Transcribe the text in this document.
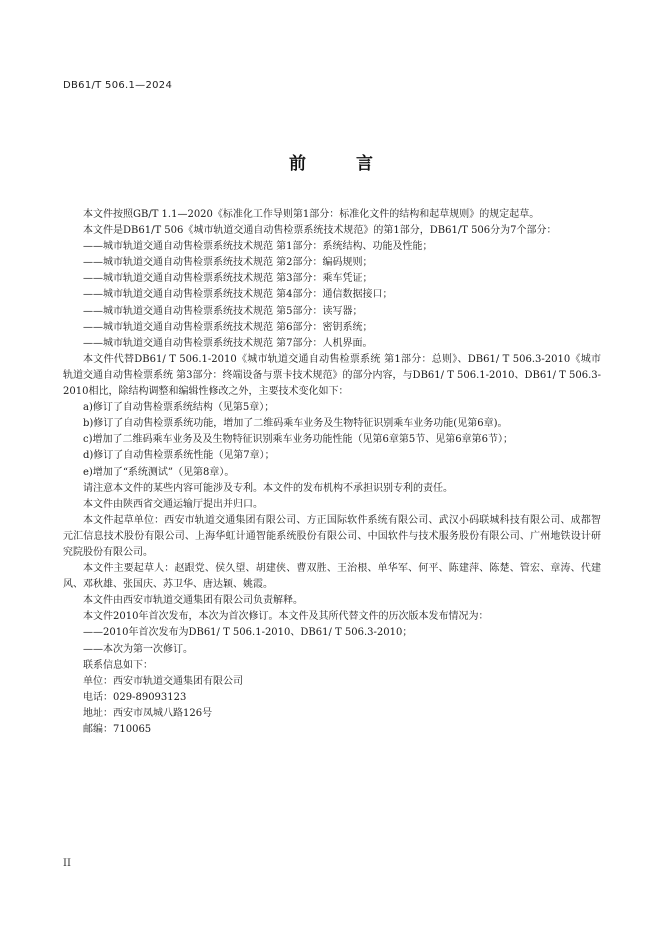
DB61/T 506.1—2024
前 言

本文件按照GB/T 1.1—2020《标准化工作导则第1部分：标准化文件的结构和起草规则》的规定起草。

本文件是DB61/T 506《城市轨道交通自动售检票系统技术规范》的第1部分，DB61/T 506分为7个部分：

——城市轨道交通自动售检票系统技术规范 第1部分：系统结构、功能及性能；

——城市轨道交通自动售检票系统技术规范 第2部分：编码规则；

——城市轨道交通自动售检票系统技术规范 第3部分：乘车凭证；

——城市轨道交通自动售检票系统技术规范 第4部分：通信数据接口；

——城市轨道交通自动售检票系统技术规范 第5部分：读写器；

——城市轨道交通自动售检票系统技术规范 第6部分：密钥系统；

——城市轨道交通自动售检票系统技术规范 第7部分：人机界面。

本文件代替DB61/ T 506.1-2010《城市轨道交通自动售检票系统 第1部分：总则》、DB61/ T 506.3-2010《城市轨道交通自动售检票系统 第3部分：终端设备与票卡技术规范》的部分内容，与DB61/ T 506.1-2010、DB61/ T 506.3-2010相比，除结构调整和编辑性修改之外，主要技术变化如下：

a)修订了自动售检票系统结构（见第5章）；

b)修订了自动售检票系统功能，增加了二维码乘车业务及生物特征识别乘车业务功能(见第6章)。

c)增加了二维码乘车业务及及生物特征识别乘车业务功能性能（见第6章第5节、见第6章第6节）；

d)修订了自动售检票系统性能（见第7章）；

e)增加了“系统测试”（见第8章）。

请注意本文件的某些内容可能涉及专利。本文件的发布机构不承担识别专利的责任。

本文件由陕西省交通运输厅提出并归口。

本文件起草单位：西安市轨道交通集团有限公司、方正国际软件系统有限公司、武汉小码联城科技有限公司、成都智元汇信息技术股份有限公司、上海华虹计通智能系统股份有限公司、中国软件与技术服务股份有限公司、广州地铁设计研究院股份有限公司。

本文件主要起草人：赵跟党、侯久望、胡建侠、曹双胜、王治根、单华军、何平、陈建萍、陈楚、管宏、章涛、代建风、邓秋雄、张国庆、苏卫华、唐达颖、姚霞。

本文件由西安市轨道交通集团有限公司负责解释。

本文件2010年首次发布，本次为首次修订。本文件及其所代替文件的历次版本发布情况为：

——2010年首次发布为DB61/ T 506.1-2010、DB61/ T 506.3-2010；

——本次为第一次修订。

联系信息如下：

单位：西安市轨道交通集团有限公司

电话：029-89093123

地址：西安市凤城八路126号

邮编：710065

II
